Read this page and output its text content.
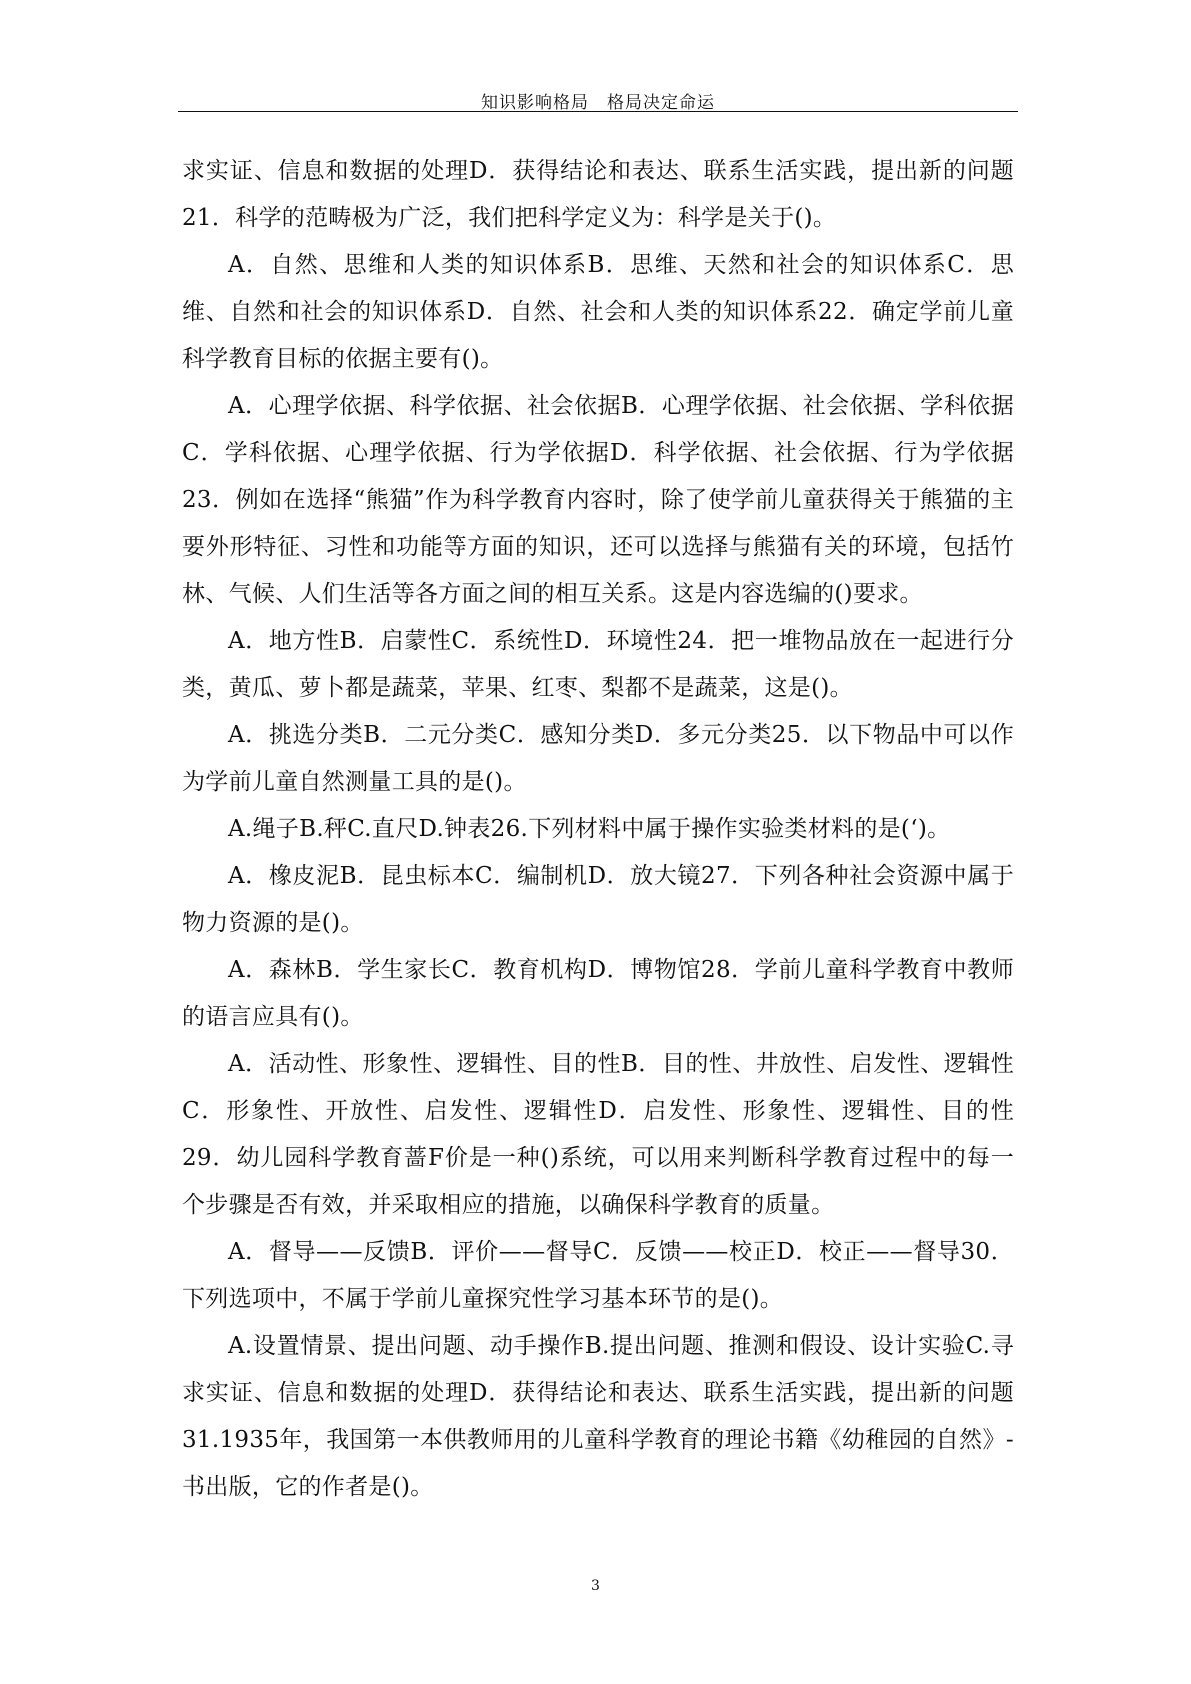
知识影响格局　格局决定命运

求实证、信息和数据的处理D．获得结论和表达、联系生活实践，提出新的问题21．科学的范畴极为广泛，我们把科学定义为：科学是关于()。

A．自然、思维和人类的知识体系B．思维、天然和社会的知识体系C．思维、自然和社会的知识体系D．自然、社会和人类的知识体系22．确定学前儿童科学教育目标的依据主要有()。

A．心理学依据、科学依据、社会依据B．心理学依据、社会依据、学科依据C．学科依据、心理学依据、行为学依据D．科学依据、社会依据、行为学依据23．例如在选择“熊猫”作为科学教育内容时，除了使学前儿童获得关于熊猫的主要外形特征、习性和功能等方面的知识，还可以选择与熊猫有关的环境，包括竹林、气候、人们生活等各方面之间的相互关系。这是内容选编的()要求。

A．地方性B．启蒙性C．系统性D．环境性24．把一堆物品放在一起进行分类，黄瓜、萝卜都是蔬菜，苹果、红枣、梨都不是蔬菜，这是()。

A．挑选分类B．二元分类C．感知分类D．多元分类25．以下物品中可以作为学前儿童自然测量工具的是()。

A.绳子B.秤C.直尺D.钟表26.下列材料中属于操作实验类材料的是(‘)。

A．橡皮泥B．昆虫标本C．编制机D．放大镜27．下列各种社会资源中属于物力资源的是()。

A．森林B．学生家长C．教育机构D．博物馆28．学前儿童科学教育中教师的语言应具有()。

A．活动性、形象性、逻辑性、目的性B．目的性、井放性、启发性、逻辑性C．形象性、开放性、启发性、逻辑性D．启发性、形象性、逻辑性、目的性29．幼儿园科学教育蔷F价是一种()系统，可以用来判断科学教育过程中的每一个步骤是否有效，并采取相应的措施，以确保科学教育的质量。

A．督导——反馈B．评价——督导C．反馈——校正D．校正——督导30．下列选项中，不属于学前儿童探究性学习基本环节的是()。

A.设置情景、提出问题、动手操作B.提出问题、推测和假设、设计实验C.寻求实证、信息和数据的处理D．获得结论和表达、联系生活实践，提出新的问题31.1935年，我国第一本供教师用的儿童科学教育的理论书籍《幼稚园的自然》-书出版，它的作者是()。

3
